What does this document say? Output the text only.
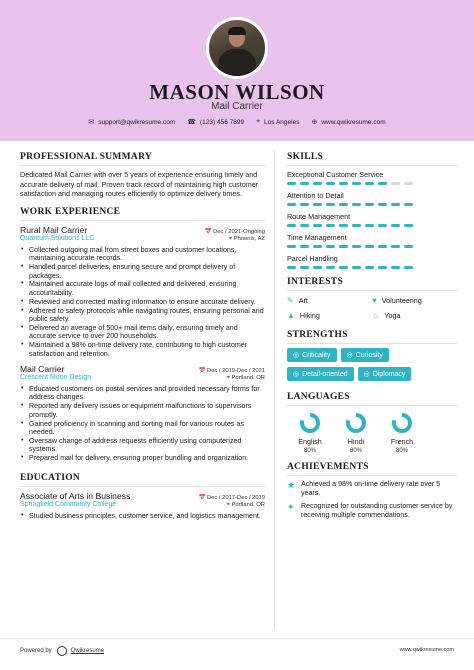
MASON WILSON
Mail Carrier
✉ support@qwikresume.com ☎ (123) 456 7899 ⌖ Los Angeles ⊕ www.qwikresume.com
PROFESSIONAL SUMMARY

Dedicated Mail Carrier with over 5 years of experience ensuring timely and accurate delivery of mail. Proven track record of maintaining high customer satisfaction and managing routes efficiently to optimize delivery times.

WORK EXPERIENCE
Rural Mail Carrier	📅 Dec / 2021-Ongoing
Quantum Solutions LLC	⌖ Phoenix, AZ
• Collected outgoing mail from street boxes and customer locations, maintaining accurate records.
• Handled parcel deliveries, ensuring secure and prompt delivery of packages.
• Maintained accurate logs of mail collected and delivered, ensuring accountability.
• Reviewed and corrected mailing information to ensure accurate delivery.
• Adhered to safety protocols while navigating routes, ensuring personal and public safety.
• Delivered an average of 500+ mail items daily, ensuring timely and accurate service to over 200 households.
• Maintained a 98% on-time delivery rate, contributing to high customer satisfaction and retention.
Mail Carrier	📅 Dec / 2019-Dec / 2021
Crescent Moon Design	⌖ Portland, OR
• Educated customers on postal services and provided necessary forms for address changes.
• Reported any delivery issues or equipment malfunctions to supervisors promptly.
• Gained proficiency in scanning and sorting mail for various routes as needed.
• Oversaw change of address requests efficiently using computerized systems.
• Prepared mail for delivery, ensuring proper bundling and organization.
EDUCATION
Associate of Arts in Business	📅 Dec / 2017-Dec / 2019
Springfield Community College	⌖ Portland, OR
• Studied business principles, customer service, and logistics management.
SKILLS
Exceptional Customer Service
Attention to Detail
Route Management
Time Management
Parcel Handling
INTERESTS
✎ Art	♥ Volunteering
▲ Hiking	☼ Yoga
STRENGTHS
◎ Criticality ◎ Curiosity
◎ Detail-oriented ◎ Diplomacy
LANGUAGES
English
80%
Hindi
80%
French
80%
ACHIEVEMENTS
★ Achieved a 98% on-time delivery rate over 5 years.
✦ Recognized for outstanding customer service by receiving multiple commendations.
Powered by	Qwikresume	www.qwikresume.com
